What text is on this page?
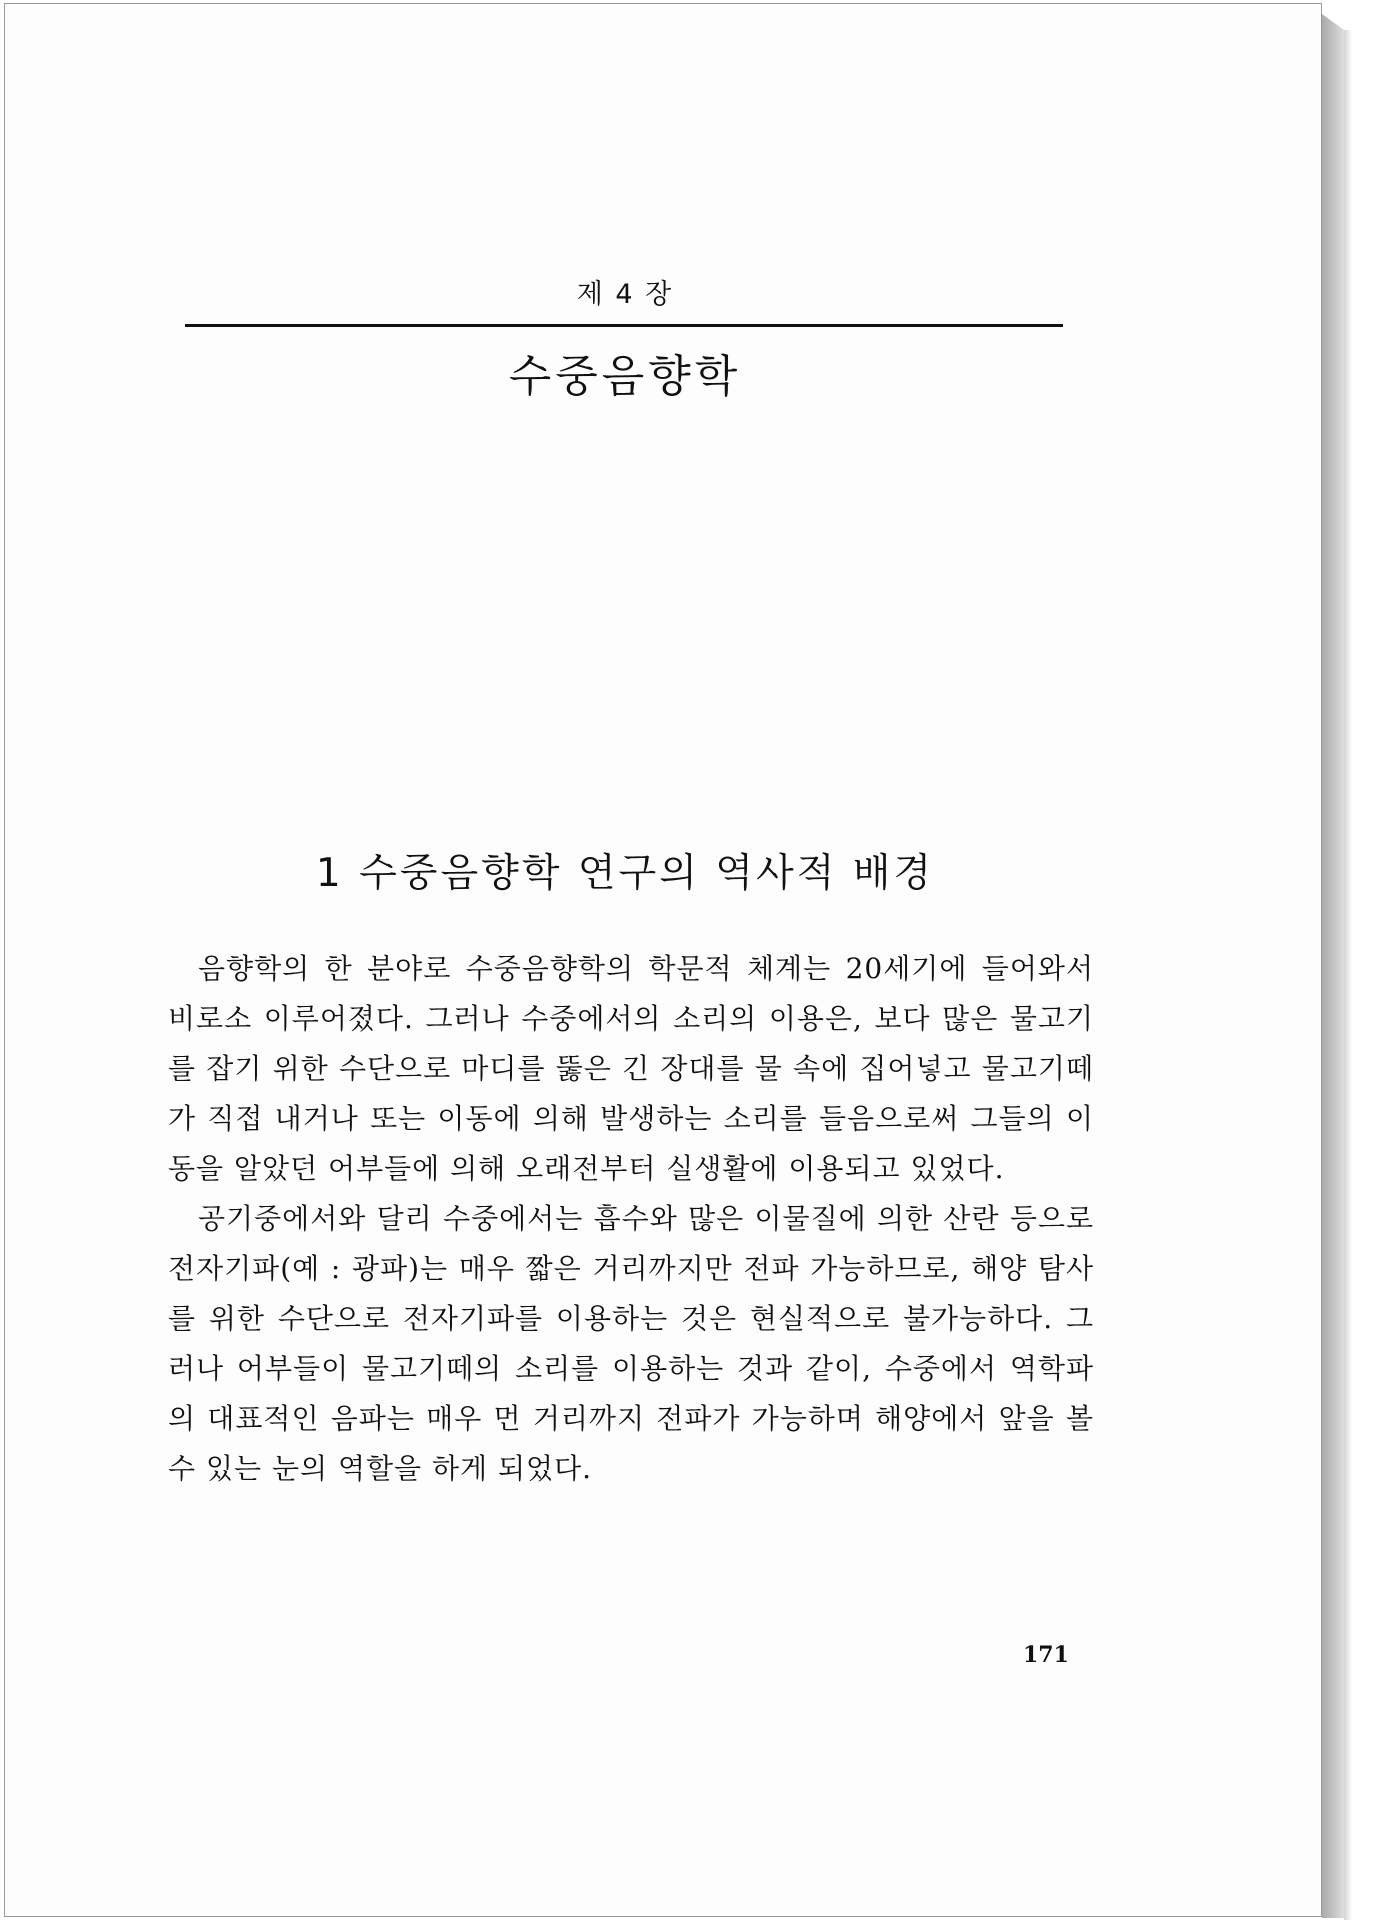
제 4 장
수중음향학
1 수중음향학 연구의 역사적 배경

음향학의 한 분야로 수중음향학의 학문적 체계는 20세기에 들어와서 비로소 이루어졌다. 그러나 수중에서의 소리의 이용은, 보다 많은 물고기를 잡기 위한 수단으로 마디를 뚫은 긴 장대를 물 속에 집어넣고 물고기떼가 직접 내거나 또는 이동에 의해 발생하는 소리를 들음으로써 그들의 이동을 알았던 어부들에 의해 오래전부터 실생활에 이용되고 있었다.

공기중에서와 달리 수중에서는 흡수와 많은 이물질에 의한 산란 등으로 전자기파(예 : 광파)는 매우 짧은 거리까지만 전파 가능하므로, 해양 탐사를 위한 수단으로 전자기파를 이용하는 것은 현실적으로 불가능하다. 그러나 어부들이 물고기떼의 소리를 이용하는 것과 같이, 수중에서 역학파의 대표적인 음파는 매우 먼 거리까지 전파가 가능하며 해양에서 앞을 볼 수 있는 눈의 역할을 하게 되었다.

171
